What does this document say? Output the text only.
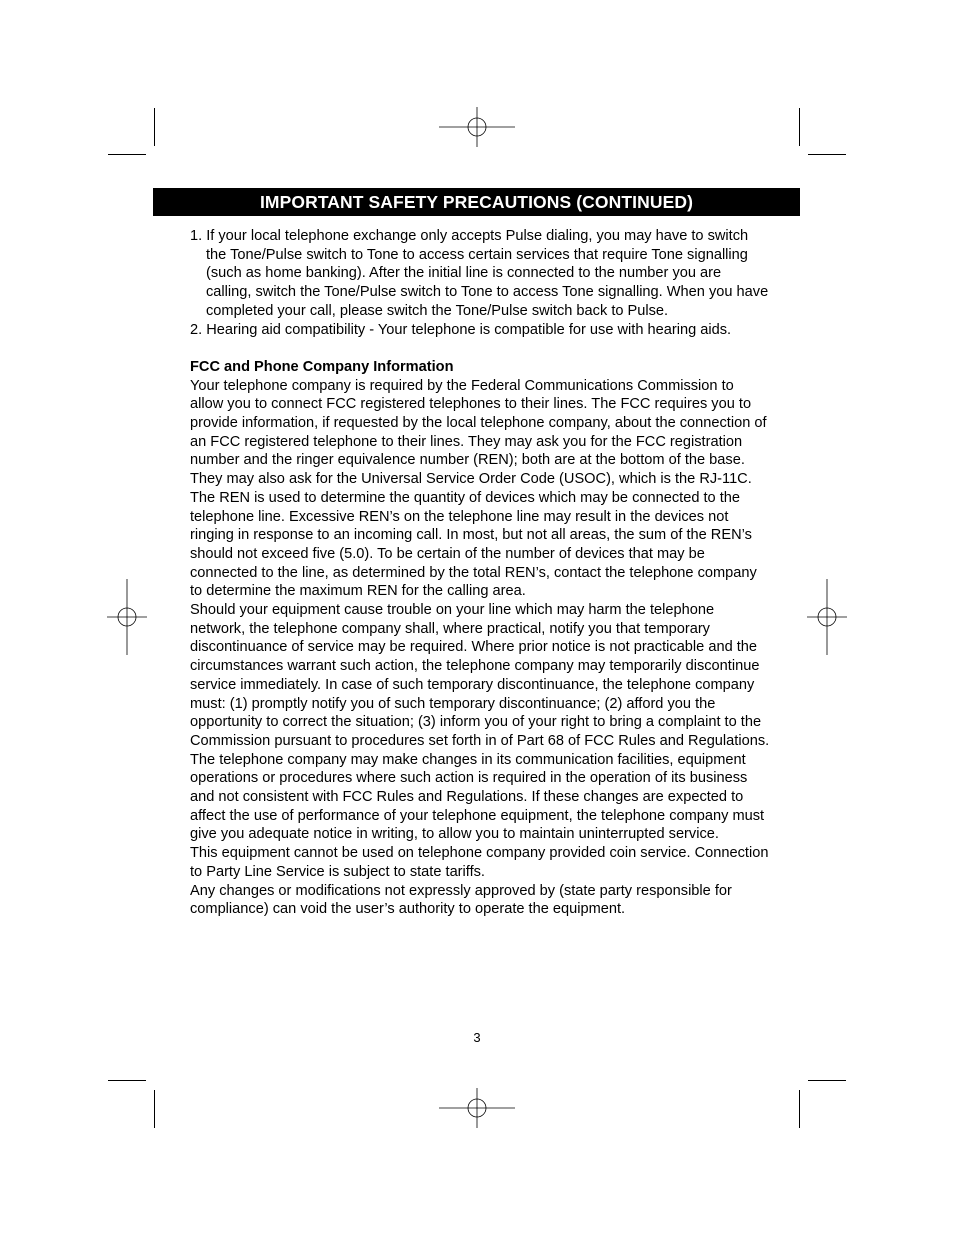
IMPORTANT SAFETY PRECAUTIONS (CONTINUED)
1. If your local telephone exchange only accepts Pulse dialing, you may have to switch the Tone/Pulse switch to Tone to access certain services that require Tone signalling (such as home banking). After the initial line is connected to the number you are calling, switch the Tone/Pulse switch to Tone to access Tone signalling. When you have completed your call, please switch the Tone/Pulse switch back to Pulse.
2. Hearing aid compatibility - Your telephone is compatible for use with hearing aids.
FCC and Phone Company Information

Your telephone company is required by the Federal Communications Commission to allow you to connect FCC registered telephones to their lines. The FCC requires you to provide information, if requested by the local telephone company, about the connection of an FCC registered telephone to their lines. They may ask you for the FCC registration number and the ringer equivalence number (REN); both are at the bottom of the base. They may also ask for the Universal Service Order Code (USOC), which is the RJ-11C.

The REN is used to determine the quantity of devices which may be connected to the telephone line. Excessive REN’s on the telephone line may result in the devices not ringing in response to an incoming call. In most, but not all areas, the sum of the REN’s should not exceed five (5.0). To be certain of the number of devices that may be connected to the line, as determined by the total REN’s, contact the telephone company to determine the maximum REN for the calling area.

Should your equipment cause trouble on your line which may harm the telephone network, the telephone company shall, where practical, notify you that temporary discontinuance of service may be required. Where prior notice is not practicable and the circumstances warrant such action, the telephone company may temporarily discontinue service immediately. In case of such temporary discontinuance, the telephone company must: (1) promptly notify you of such temporary discontinuance; (2) afford you the opportunity to correct the situation; (3) inform you of your right to bring a complaint to the Commission pursuant to procedures set forth in of Part 68 of FCC Rules and Regulations.

The telephone company may make changes in its communication facilities, equipment operations or procedures where such action is required in the operation of its business and not consistent with FCC Rules and Regulations. If these changes are expected to affect the use of performance of your telephone equipment, the telephone company must give you adequate notice in writing, to allow you to maintain uninterrupted service.

This equipment cannot be used on telephone company provided coin service. Connection to Party Line Service is subject to state tariffs.

Any changes or modifications not expressly approved by (state party responsible for compliance) can void the user’s authority to operate the equipment.

3
